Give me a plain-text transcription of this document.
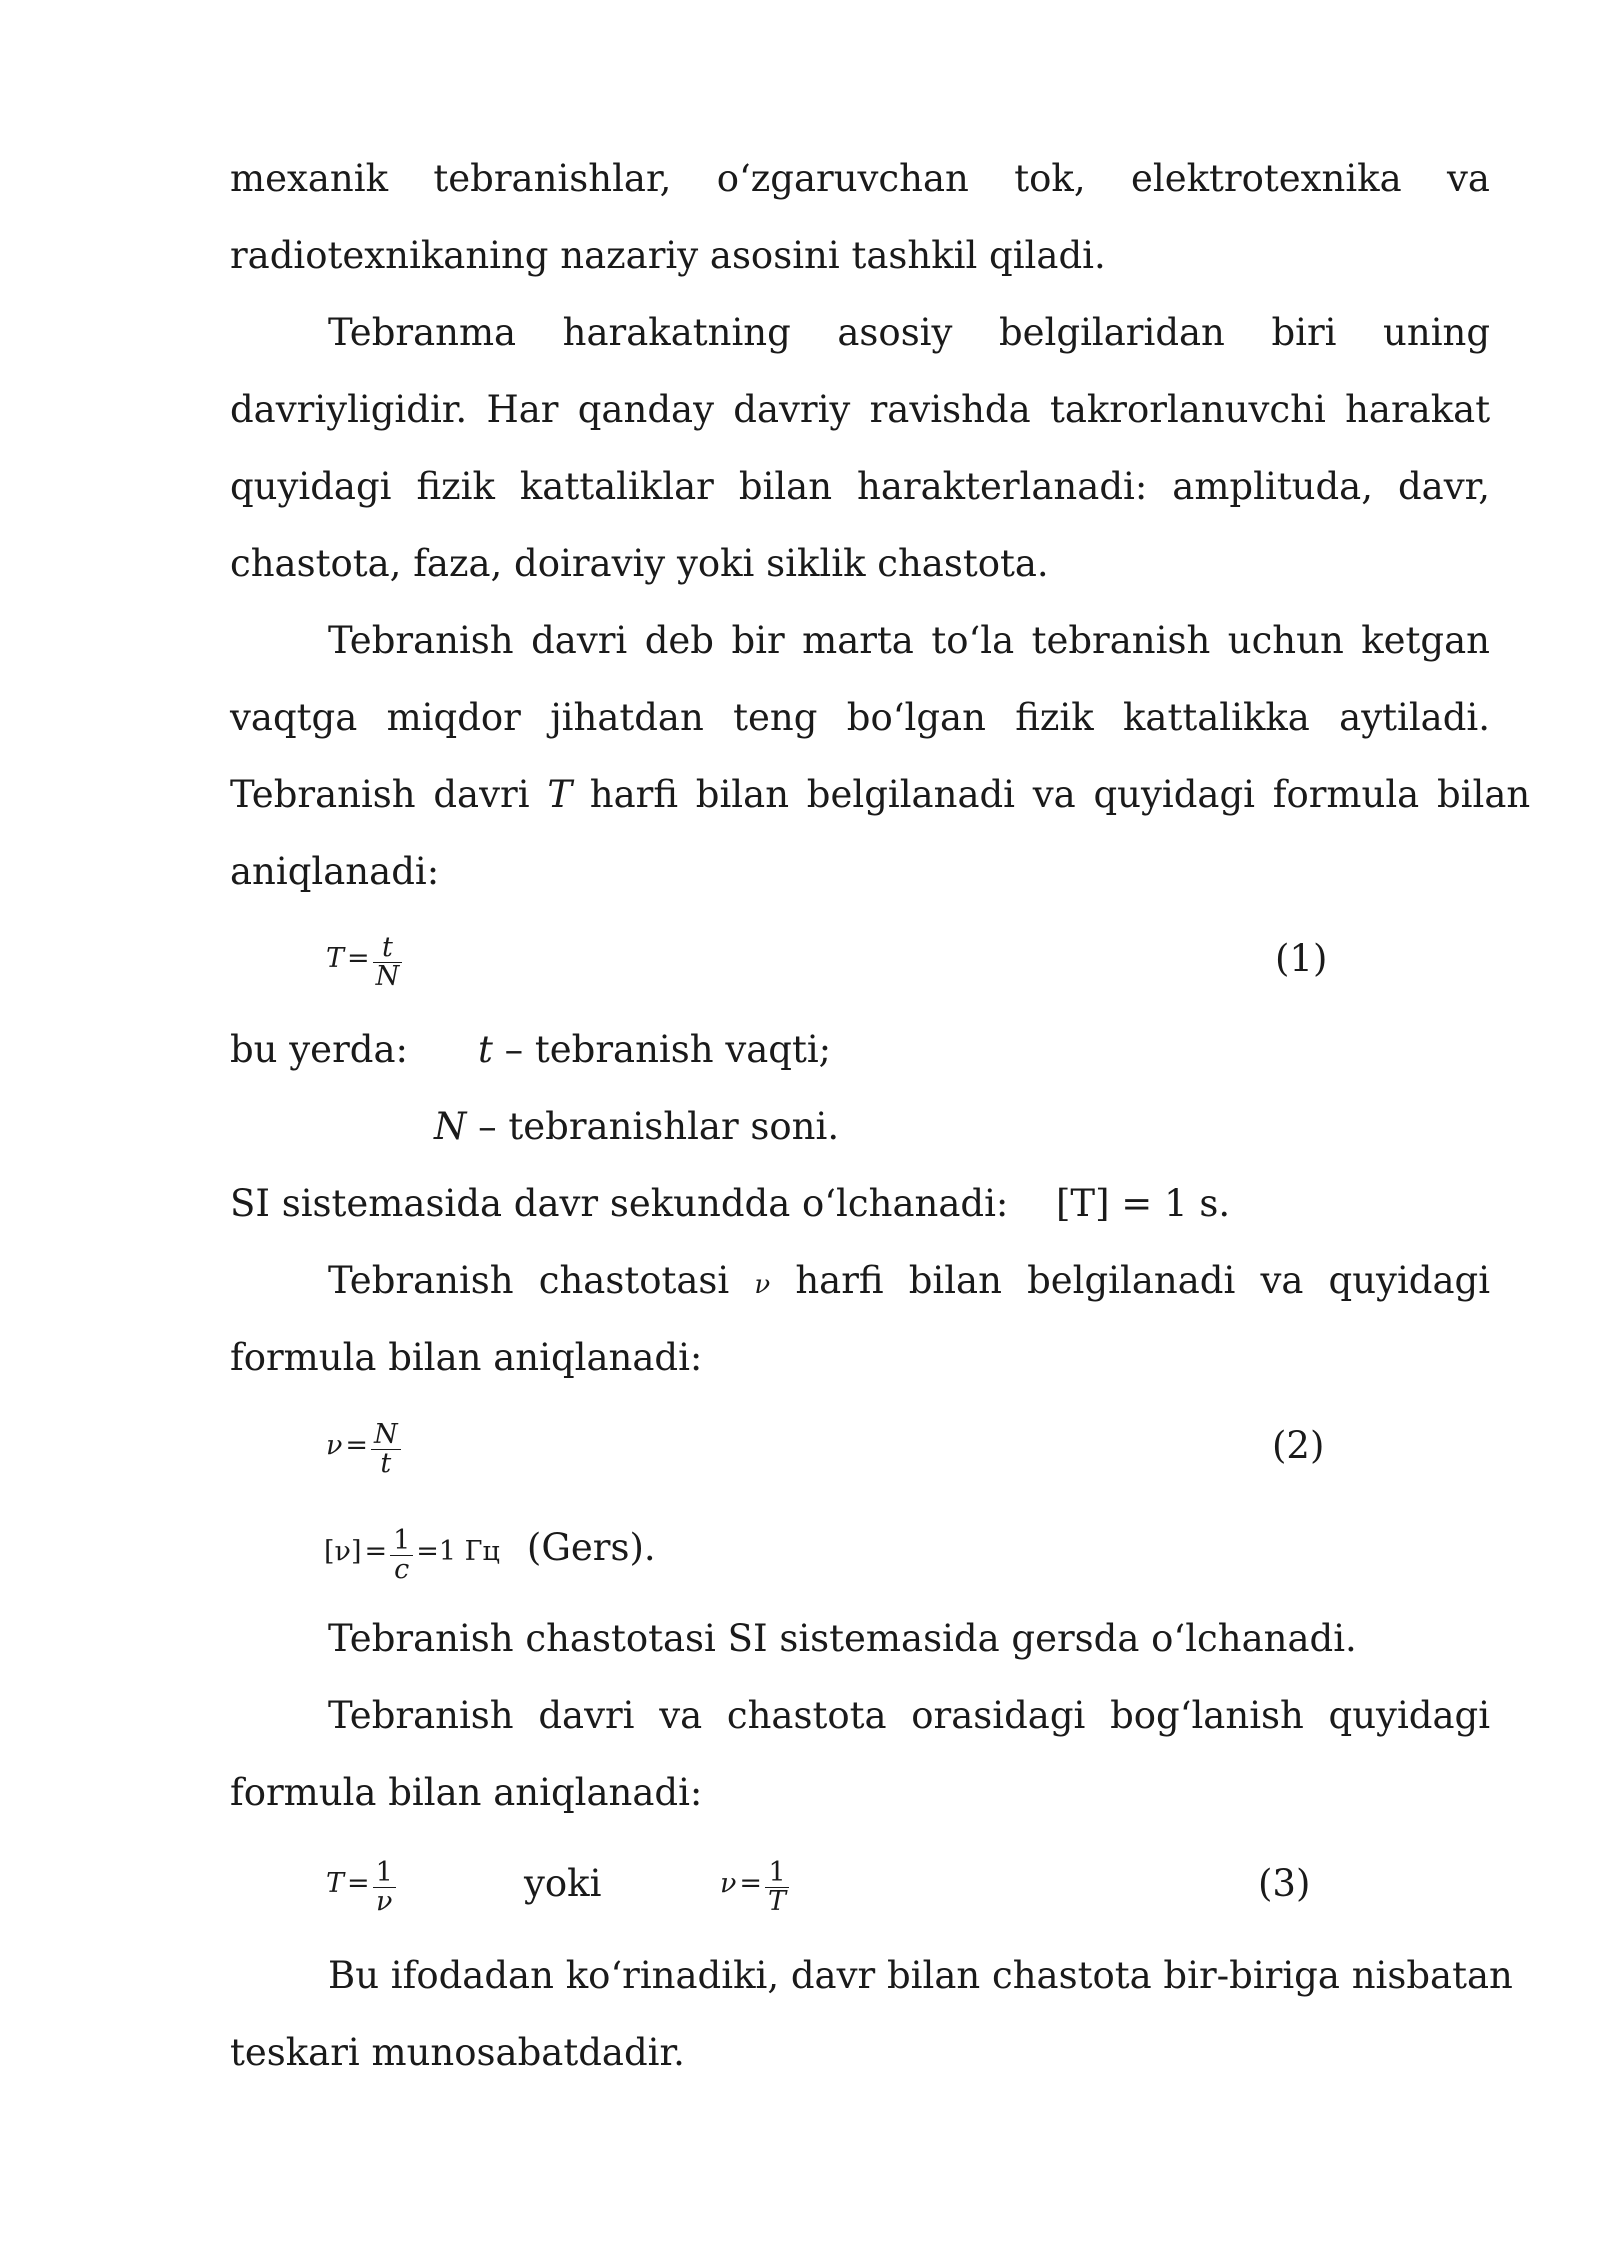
mexanik tebranishlar, o‘zgaruvchan tok, elektrotexnika va
radiotexnikaning nazariy asosini tashkil qiladi.
Tebranma harakatning asosiy belgilaridan biri uning
davriyligidir. Har qanday davriy ravishda takrorlanuvchi harakat
quyidagi fizik kattaliklar bilan harakterlanadi: amplituda, davr,
chastota, faza, doiraviy yoki siklik chastota.
Tebranish davri deb bir marta to‘la tebranish uchun ketgan
vaqtga miqdor jihatdan teng bo‘lgan fizik kattalikka aytiladi.
Tebranish davri T harfi bilan belgilanadi va quyidagi formula bilan
aniqlanadi:
$T = \frac{t}{N}$	(1)
bu yerda: t – tebranish vaqti;
N – tebranishlar soni.
SI sistemasida davr sekundda o‘lchanadi: [T] = 1 s.
Tebranish chastotasi ν harfi bilan belgilanadi va quyidagi
formula bilan aniqlanadi:
$\nu = \frac{N}{t}$	(2)
$[\nu] = \frac{1}{c} =1$ Гц (Gers).
Tebranish chastotasi SI sistemasida gersda o‘lchanadi.
Tebranish davri va chastota orasidagi bog‘lanish quyidagi
formula bilan aniqlanadi:
$T = \frac{1}{\nu}$	yoki	$\nu = \frac{1}{T}$	(3)
Bu ifodadan ko‘rinadiki, davr bilan chastota bir-biriga nisbatan
teskari munosabatdadir.
